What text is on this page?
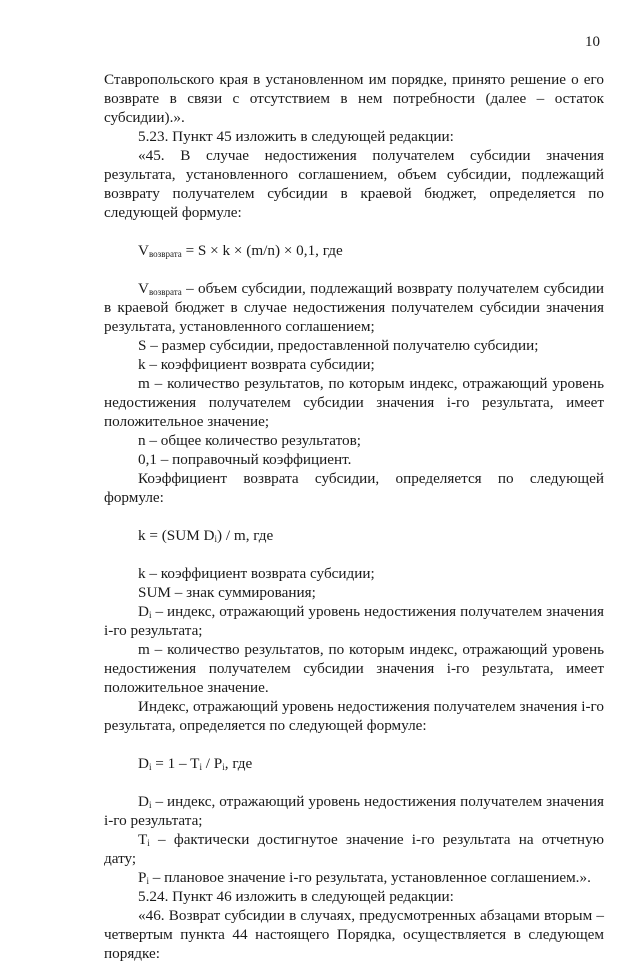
10

Ставропольского края в установленном им порядке, принято решение о его возврате в связи с отсутствием в нем потребности (далее – остаток субсидии).».

5.23. Пункт 45 изложить в следующей редакции:

«45. В случае недостижения получателем субсидии значения результата, установленного соглашением, объем субсидии, подлежащий возврату получателем субсидии в краевой бюджет, определяется по следующей формуле:

$V_{возврата} = S \times k \times (m/n) \times 0,1$, где

$V_{возврата}$ – объем субсидии, подлежащий возврату получателем субсидии в краевой бюджет в случае недостижения получателем субсидии значения результата, установленного соглашением;

S – размер субсидии, предоставленной получателю субсидии;

k – коэффициент возврата субсидии;

m – количество результатов, по которым индекс, отражающий уровень недостижения получателем субсидии значения i-го результата, имеет положительное значение;

n – общее количество результатов;

0,1 – поправочный коэффициент.

Коэффициент возврата субсидии, определяется по следующей формуле:

k = (SUM $D_i$) / m, где

k – коэффициент возврата субсидии;

SUM – знак суммирования;

$D_i$ – индекс, отражающий уровень недостижения получателем значения i-го результата;

m – количество результатов, по которым индекс, отражающий уровень недостижения получателем субсидии значения i-го результата, имеет положительное значение.

Индекс, отражающий уровень недостижения получателем значения i-го результата, определяется по следующей формуле:

$D_i = 1 - T_i / P_i$, где

$D_i$ – индекс, отражающий уровень недостижения получателем значения i-го результата;

$T_i$ – фактически достигнутое значение i-го результата на отчетную дату;

$P_i$ – плановое значение i-го результата, установленное соглашением.».

5.24. Пункт 46 изложить в следующей редакции:

«46. Возврат субсидии в случаях, предусмотренных абзацами вторым – четвертым пункта 44 настоящего Порядка, осуществляется в следующем порядке:
